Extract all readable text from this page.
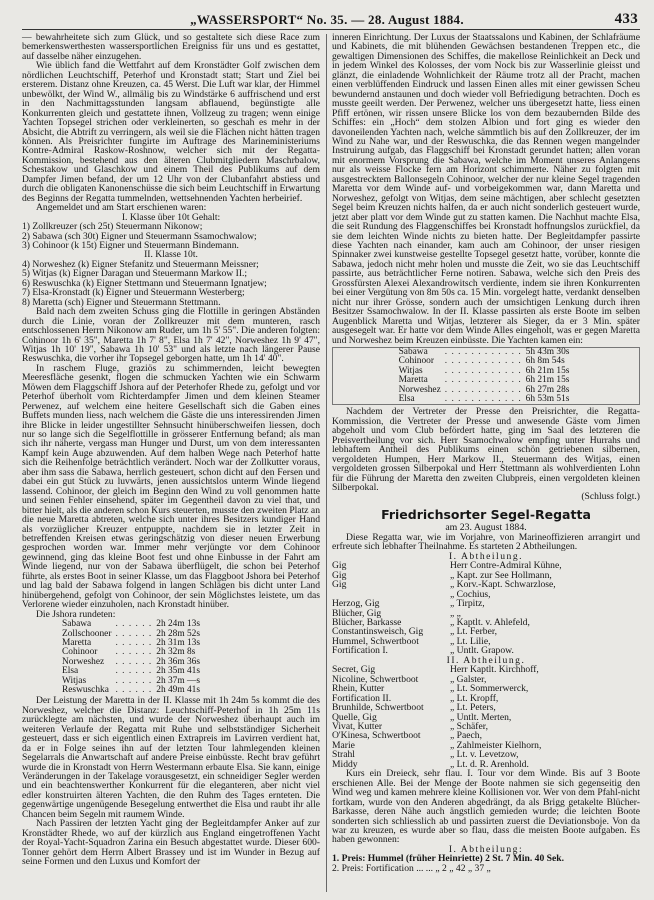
„WASSERSPORT“ No. 35. — 28. August 1884.	433

— bewahrheitete sich zum Glück, und so gestaltete sich diese Race zum bemerkenswerthesten wassersportlichen Ereigniss für uns und es gestattet, auf dasselbe näher einzugehen.

Wie üblich fand die Wettfahrt auf dem Kronstädter Golf zwischen dem nördlichen Leuchtschiff, Peterhof und Kronstadt statt; Start und Ziel bei ersterem. Distanz ohne Kreuzen, ca. 45 Werst. Die Luft war klar, der Himmel unbewölkt, der Wind W., allmälig bis zu Windstärke 6 auffrischend und erst in den Nachmittagsstunden langsam abflauend, begünstigte alle Konkurrenten gleich und gestattete ihnen, Vollzeug zu tragen; wenn einige Yachten Topsegel strichen oder verkleinerten, so geschah es mehr in der Absicht, die Abtrift zu verringern, als weil sie die Flächen nicht hätten tragen können. Als Preisrichter fungirte im Auftrage des Marineministeriums Kontre-Admiral Raskow-Roshnow, welcher sich mit der Regatta-Kommission, bestehend aus den älteren Clubmitgliedern Maschrbalow, Schestakow und Glaschkow und einem Theil des Publikums auf dem Dampfer Jimen befand, der um 12 Uhr von der Clubanfahrt abstiess und durch die obligaten Kanonenschüsse die sich beim Leuchtschiff in Erwartung des Beginns der Regatta tummelnden, wettsehnenden Yachten herbeirief.

Angemeldet und am Start erschienen waren:

I. Klasse über 10t Gehalt:
1) Zollkreuzer (sch 25t) Steuermann Nikonow;
2) Sabawa (sch 30t) Eigner und Steuermann Ssamochwalow;
3) Cohinoor (k 15t) Eigner und Steuermann Bindemann.
II. Klasse 10t.
4) Norweshez (k) Eigner Stefanitz und Steuermann Meissner;
5) Witjas (k) Eigner Daragan und Steuermann Markow II.;
6) Reswuschka (k) Eigner Stettmann und Steuermann Ignatjew;
7) Elsa-Kronstadt (k) Eigner und Steuermann Westerberg;
8) Maretta (sch) Eigner und Steuermann Stettmann.

Bald nach dem zweiten Schuss ging die Flottille in geringen Abständen durch die Linie, voran der Zollkreuzer mit dem munteren, rasch entschlossenen Herrn Nikonow am Ruder, um 1h 5' 55". Die anderen folgten: Cohinoor 1h 6' 35", Maretta 1h 7' 8", Elsa 1h 7' 42", Norweshez 1h 9' 47", Witjas 1h 10' 19", Sabawa 1h 10' 53" und als letzte nach längerer Pause Reswuschka, die vorher ihr Topsegel geborgen hatte, um 1h 14' 40".

In raschem Fluge, graziös zu schimmernden, leicht bewegten Meeresfläche gesenkt, flogen die schmucken Yachten wie ein Schwarm Möwen dem Flaggschiff Jshora auf der Peterhofer Rhede zu, gefolgt und vor Peterhof überholt vom Richterdampfer Jimen und dem kleinen Steamer Perwenez, auf welchem eine heitere Gesellschaft sich die Gaben eines Buffets munden liess, nach welchem die Gäste die uns interessirenden Jimen ihre Blicke in leider ungestillter Sehnsucht hinüberschweifen liessen, doch nur so lange sich die Segelflottille in grösserer Entfernung befand; als man sich ihr näherte, vergass man Hunger und Durst, um von dem interessanten Kampf kein Auge abzuwenden. Auf dem halben Wege nach Peterhof hatte sich die Reihenfolge beträchtlich verändert. Noch war der Zollkutter voraus, aber ihm sass die Sabawa, herrlich gesteuert, schon dicht auf den Fersen und dabei ein gut Stück zu luvwärts, jenen aussichtslos unterm Winde liegend lassend. Cohinoor, der gleich im Beginn den Wind zu voll genommen hatte und seinen Fehler einsehend, später im Gegentheil davon zu viel that, und bitter hielt, als die anderen schon Kurs steuerten, musste den zweiten Platz an die neue Maretta abtreten, welche sich unter ihres Besitzers kundiger Hand als vorzüglicher Kreuzer entpuppte, nachdem sie in letzter Zeit in betreffenden Kreisen etwas geringschätzig von dieser neuen Erwerbung gesprochen worden war. Immer mehr verjüngte vor dem Cohinoor gewinnend, ging das kleine Boot fest und ohne Einbusse in der Fahrt am Winde liegend, nur von der Sabawa überflügelt, die schon bei Peterhof führte, als erstes Boot in seiner Klasse, um das Flaggboot Jshora bei Peterhof und lag bald der Sabawa folgend in langen Schlägen bis dicht unter Land hinübergehend, gefolgt von Cohinoor, der sein Möglichstes leistete, um das Verlorene wieder einzuholen, nach Kronstadt hinüber.

Die Jshora rundeten:

Sabawa	. . . . . .	2h 24m 13s
Zollschooner	. . . . . .	2h 28m 52s
Maretta	. . . . . .	2h 31m 13s
Cohinoor	. . . . . .	2h 32m 8s
Norweshez	. . . . . .	2h 36m 36s
Elsa	. . . . . .	2h 35m 41s
Witjas	. . . . . .	2h 37m —s
Reswuschka	. . . . . .	2h 49m 41s

Der Leistung der Maretta in der II. Klasse mit 1h 24m 5s kommt die des Norweshez, welcher die Distanz: Leuchtschiff-Peterhof in 1h 25m 11s zurücklegte am nächsten, und wurde der Norweshez überhaupt auch im weiteren Verlaufe der Regatta mit Ruhe und selbstständiger Sicherheit gesteuert, dass er sich eigentlich einen Extrapreis im Lavirren verdient hat, da er in Folge seines ihn auf der letzten Tour lahmlegenden kleinen Segelarrals die Anwartschaft auf andere Preise einbüsste. Recht brav geführt wurde die in Kronstadt von Herrn Westermann erbaute Elsa. Sie kann, einige Veränderungen in der Takelage vorausgesetzt, ein schneidiger Segler werden und ein beachtenswerther Konkurrent für die eleganteren, aber nicht viel edler konstruirten älteren Yachten, die den Ruhm des Tages ernteten. Die gegenwärtige ungenügende Besegelung entwerthet die Elsa und raubt ihr alle Chancen beim Segeln mit raumem Winde.

Nach Passiren der letzten Yacht ging der Begleitdampfer Anker auf zur Kronstädter Rhede, wo auf der kürzlich aus England eingetroffenen Yacht der Royal-Yacht-Squadron Zarina ein Besuch abgestattet wurde. Dieser 600-Tonner gehört dem Herrn Albert Brassey und ist im Wunder in Bezug auf seine Formen und den Luxus und Komfort der

inneren Einrichtung. Der Luxus der Staatssalons und Kabinen, der Schlafräume und Kabinets, die mit blühenden Gewächsen bestandenen Treppen etc., die gewaltigen Dimensionen des Schiffes, die makellose Reinlichkeit an Deck und in jedem Winkel des Kolosses, der vom Nock bis zur Wasserlinie gleisst und glänzt, die einladende Wohnlichkeit der Räume trotz all der Pracht, machen einen verblüffenden Eindruck und lassen Einen alles mit einer gewissen Scheu bewundernd anstaunen und doch wieder voll Befriedigung betrachten. Doch es musste geeilt werden. Der Perwenez, welcher uns übergesetzt hatte, liess einen Pfiff ertönen, wir rissen unsere Blicke los von dem bezaubernden Bilde des Schiffes: ein „Hoch“ dem stolzen Albion und fort ging es wieder den davoneilenden Yachten nach, welche sämmtlich bis auf den Zollkreuzer, der im Wind zu Nahe war, und der Reswuschka, die das Rennen wegen mangelnder Instruirung aufgab, das Flaggschiff bei Kronstadt gerundet hatten; allen voran mit enormem Vorsprung die Sabawa, welche im Moment unseres Anlangens nur als weisse Flocke fern am Horizont schimmerte. Näher zu folgten mit ausgestrecktem Ballonsegeln Cohinoor, welcher der nur kleine Segel tragenden Maretta vor dem Winde auf- und vorbeigekommen war, dann Maretta und Norweshez, gefolgt von Witjas, dem seine mächtigen, aber schlecht gesetzten Segel beim Kreuzen nichts halfen, da er auch nicht sonderlich gesteuert wurde, jetzt aber platt vor dem Winde gut zu statten kamen. Die Nachhut machte Elsa, die seit Rundung des Flaggenschiffes bei Kronstadt hoffnungslos zurückfiel, da sie dem leichten Winde nichts zu bieten hatte. Der Begleitdampfer passirte diese Yachten nach einander, kam auch am Cohinoor, der unser riesigen Spinnaker zwei kunstweise gestellte Topsegel gesetzt hatte, vorüber, konnte die Sabawa, jedoch nicht mehr holen und musste die Zeit, wo sie das Leuchtschiff passirte, aus beträchtlicher Ferne notiren. Sabawa, welche sich den Preis des Grossfürsten Alexei Alexandrowitsch verdiente, indem sie ihren Konkurrenten bei einer Vergütung von 8m 50s ca. 15 Min. vorgelegt hatte, verdankt denselben nicht nur ihrer Grösse, sondern auch der umsichtigen Lenkung durch ihren Besitzer Ssamochwalow. In der II. Klasse passirten als erste Boote im selben Augenblick Maretta und Witjas, letzterer als Sieger, da er 3 Min. später ausgesegelt war. Er hatte vor dem Winde Alles eingeholt, was er gegen Maretta und Norweshez beim Kreuzen einbüsste. Die Yachten kamen ein:

Sabawa	. . . . . . . . . . . .	5h 43m 30s
Cohinoor	. . . . . . . . . . . .	6h 8m 54s
Witjas	. . . . . . . . . . . .	6h 21m 15s
Maretta	. . . . . . . . . . . .	6h 21m 15s
Norweshez	. . . . . . . . . . . .	6h 27m 28s
Elsa	. . . . . . . . . . . .	6h 53m 51s

Nachdem der Vertreter der Presse den Preisrichter, die Regatta-Kommission, die Vertreter der Presse und anwesende Gäste vom Jimen abgeholt und vom Club befördert hatte, ging im Saal des letzteren die Preisvertheilung vor sich. Herr Ssamochwalow empfing unter Hurrahs und lebhaftem Antheil des Publikums einen schön getriebenen silbernen, vergoldeten Humpen, Herr Markow II., Steuermann des Witjas, einen vergoldeten grossen Silberpokal und Herr Stettmann als wohlverdienten Lohn für die Führung der Maretta den zweiten Clubpreis, einen vergoldeten kleinen Silberpokal.

(Schluss folgt.)
Friedrichsorter Segel-Regatta
am 23. August 1884.

Diese Regatta war, wie im Vorjahre, von Marineoffizieren arrangirt und erfreute sich lebhafter Theilnahme. Es starteten 2 Abtheilungen.

I. Abtheilung.
Gig	Herr Contre-Admiral Kühne,
Gig	„ Kapt. zur See Hollmann,
Gig	„ Korv.-Kapt. Schwarzlose,
„ Cochius,
Herzog, Gig	„ Tirpitz,
Blücher, Gig	„ „
Blücher, Barkasse	„ Kaptlt. v. Ahlefeld,
Constantinsweisch, Gig	„ Lt. Ferber,
Hummel, Schwertboot	„ Lt. Lilie,
Fortification I.	„ Untlt. Grapow.
II. Abtheilung.
Secret, Gig	Herr Kaptlt. Kirchhoff,
Nicoline, Schwertboot	„ Galster,
Rhein, Kutter	„ Lt. Sommerwerck,
Fortification II.	„ Lt. Kropff,
Brunhilde, Schwertboot	„ Lt. Peters,
Quelle, Gig	„ Untlt. Merten,
Vivat, Kutter	„ Schäfer,
O'Kinesa, Schwertboot	„ Paech,
Marie	„ Zahlmeister Kielhorn,
Strahl	„ Lt. v. Levetzow,
Middy	„ Lt. d. R. Arenhold.

Kurs ein Dreieck, sehr flau. I. Tour vor dem Winde. Bis auf 3 Boote erschienen Alle. Bei der Menge der Boote nahmen sie sich gegenseitig den Wind weg und kamen mehrere kleine Kollisionen vor. Wer von dem Pfahl-nicht fortkam, wurde von den Anderen abgedrängt, da als Brigg getakelte Blücher-Barkasse, deren Nähe auch ängstlich gemieden wurde; die leichten Boote sonderten sich schliesslich ab und passirten zuerst die Deviationsboje. Von da war zu kreuzen, es wurde aber so flau, dass die meisten Boote aufgaben. Es haben gewonnen:

I. Abtheilung:
1. Preis: Hummel (früher Heinriette) 2 St. 7 Min. 40 Sek.
2. Preis: Fortification ... ... „ 2 „ 42 „ 37 „
